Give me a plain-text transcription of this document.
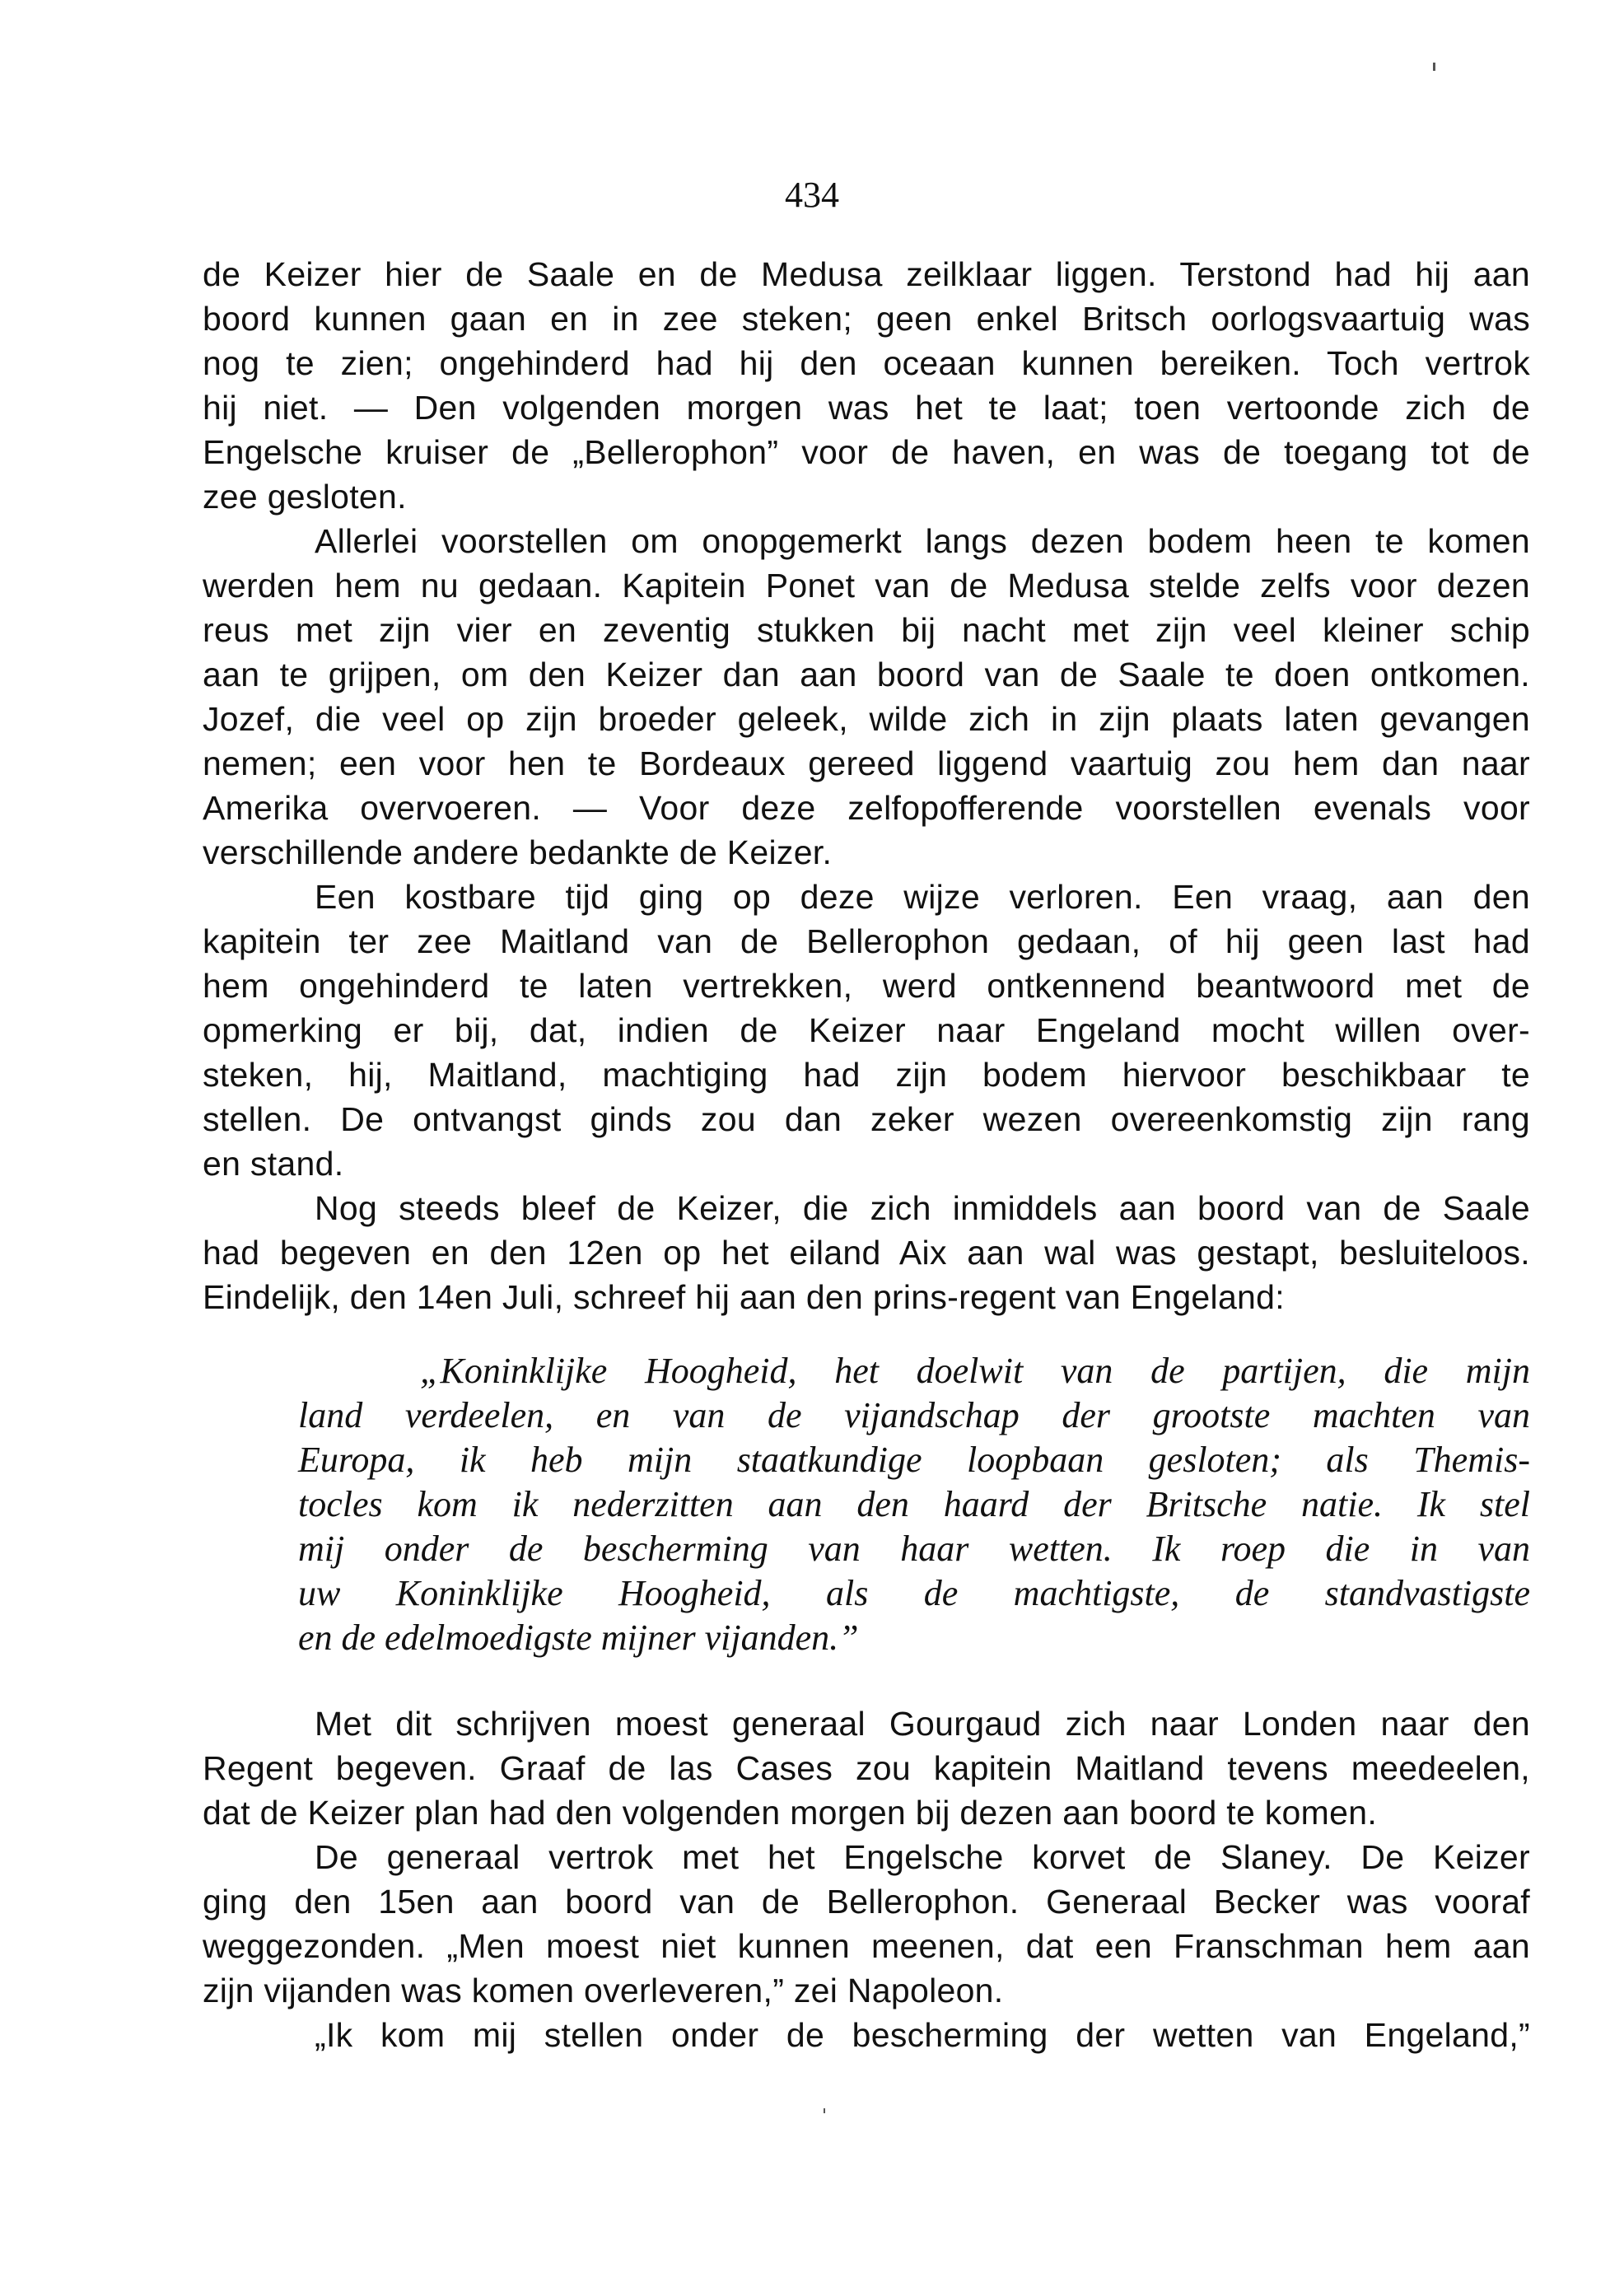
434
de Keizer hier de Saale en de Medusa zeilklaar liggen. Terstond had hij aan
boord kunnen gaan en in zee steken; geen enkel Britsch oorlogsvaartuig was
nog te zien; ongehinderd had hij den oceaan kunnen bereiken. Toch vertrok
hij niet. — Den volgenden morgen was het te laat; toen vertoonde zich de
Engelsche kruiser de „Bellerophon” voor de haven, en was de toegang tot de
zee gesloten.
Allerlei voorstellen om onopgemerkt langs dezen bodem heen te komen
werden hem nu gedaan. Kapitein Ponet van de Medusa stelde zelfs voor dezen
reus met zijn vier en zeventig stukken bij nacht met zijn veel kleiner schip
aan te grijpen, om den Keizer dan aan boord van de Saale te doen ontkomen.
Jozef, die veel op zijn broeder geleek, wilde zich in zijn plaats laten gevangen
nemen; een voor hen te Bordeaux gereed liggend vaartuig zou hem dan naar
Amerika overvoeren. — Voor deze zelfopofferende voorstellen evenals voor
verschillende andere bedankte de Keizer.
Een kostbare tijd ging op deze wijze verloren. Een vraag, aan den
kapitein ter zee Maitland van de Bellerophon gedaan, of hij geen last had
hem ongehinderd te laten vertrekken, werd ontkennend beantwoord met de
opmerking er bij, dat, indien de Keizer naar Engeland mocht willen over-
steken, hij, Maitland, machtiging had zijn bodem hiervoor beschikbaar te
stellen. De ontvangst ginds zou dan zeker wezen overeenkomstig zijn rang
en stand.
Nog steeds bleef de Keizer, die zich inmiddels aan boord van de Saale
had begeven en den 12en op het eiland Aix aan wal was gestapt, besluiteloos.
Eindelijk, den 14en Juli, schreef hij aan den prins-regent van Engeland:
„Koninklijke Hoogheid, het doelwit van de partijen, die mijn
land verdeelen, en van de vijandschap der grootste machten van
Europa, ik heb mijn staatkundige loopbaan gesloten; als Themis-
tocles kom ik nederzitten aan den haard der Britsche natie. Ik stel
mij onder de bescherming van haar wetten. Ik roep die in van
uw Koninklijke Hoogheid, als de machtigste, de standvastigste
en de edelmoedigste mijner vijanden.”
Met dit schrijven moest generaal Gourgaud zich naar Londen naar den
Regent begeven. Graaf de las Cases zou kapitein Maitland tevens meedeelen,
dat de Keizer plan had den volgenden morgen bij dezen aan boord te komen.
De generaal vertrok met het Engelsche korvet de Slaney. De Keizer
ging den 15en aan boord van de Bellerophon. Generaal Becker was vooraf
weggezonden. „Men moest niet kunnen meenen, dat een Franschman hem aan
zijn vijanden was komen overleveren,” zei Napoleon.
„Ik kom mij stellen onder de bescherming der wetten van Engeland,”
